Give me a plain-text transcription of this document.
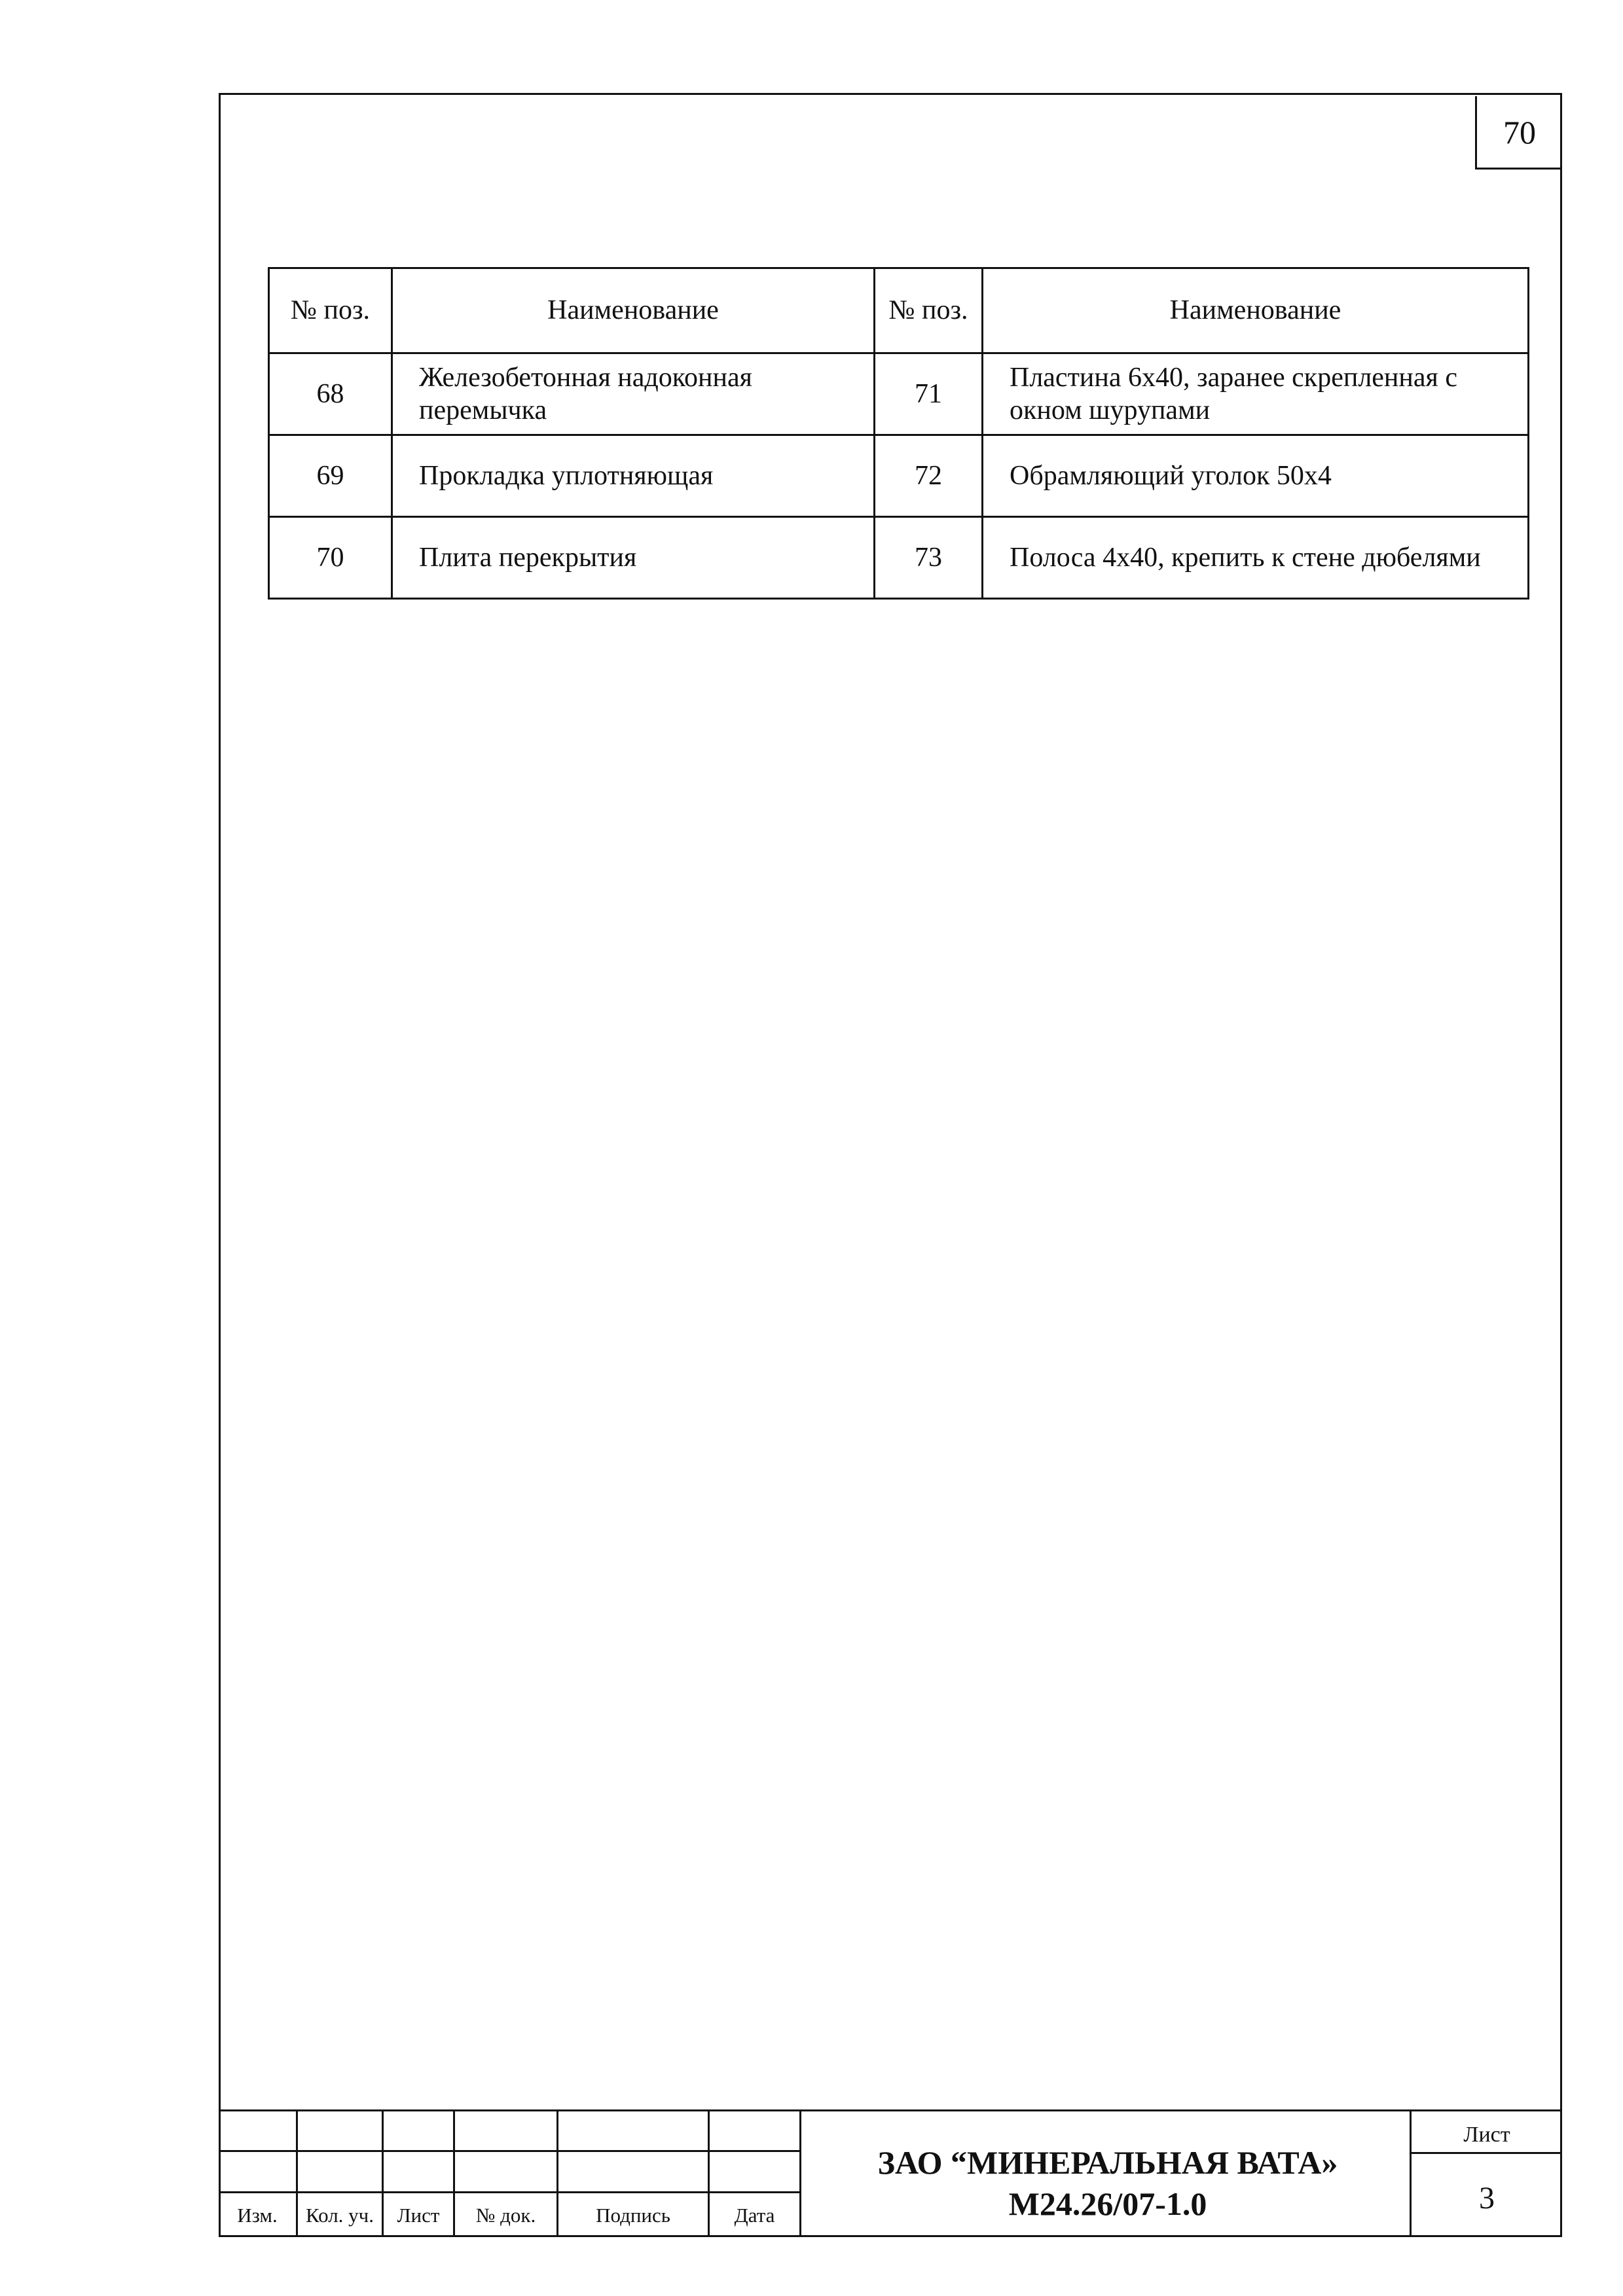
70
№ поз.	Наименование	№ поз.	Наименование
68	Железобетонная надоконная перемычка	71	Пластина 6х40, заранее скрепленная с окном шурупами
69	Прокладка уплотняющая	72	Обрамляющий уголок 50х4
70	Плита перекрытия	73	Полоса 4х40, крепить к стене дюбелями
Изм.	Кол. уч.	Лист	№ док.	Подпись	Дата
ЗАО “МИНЕРАЛЬНАЯ ВАТА»
М24.26/07-1.0
Лист
3
